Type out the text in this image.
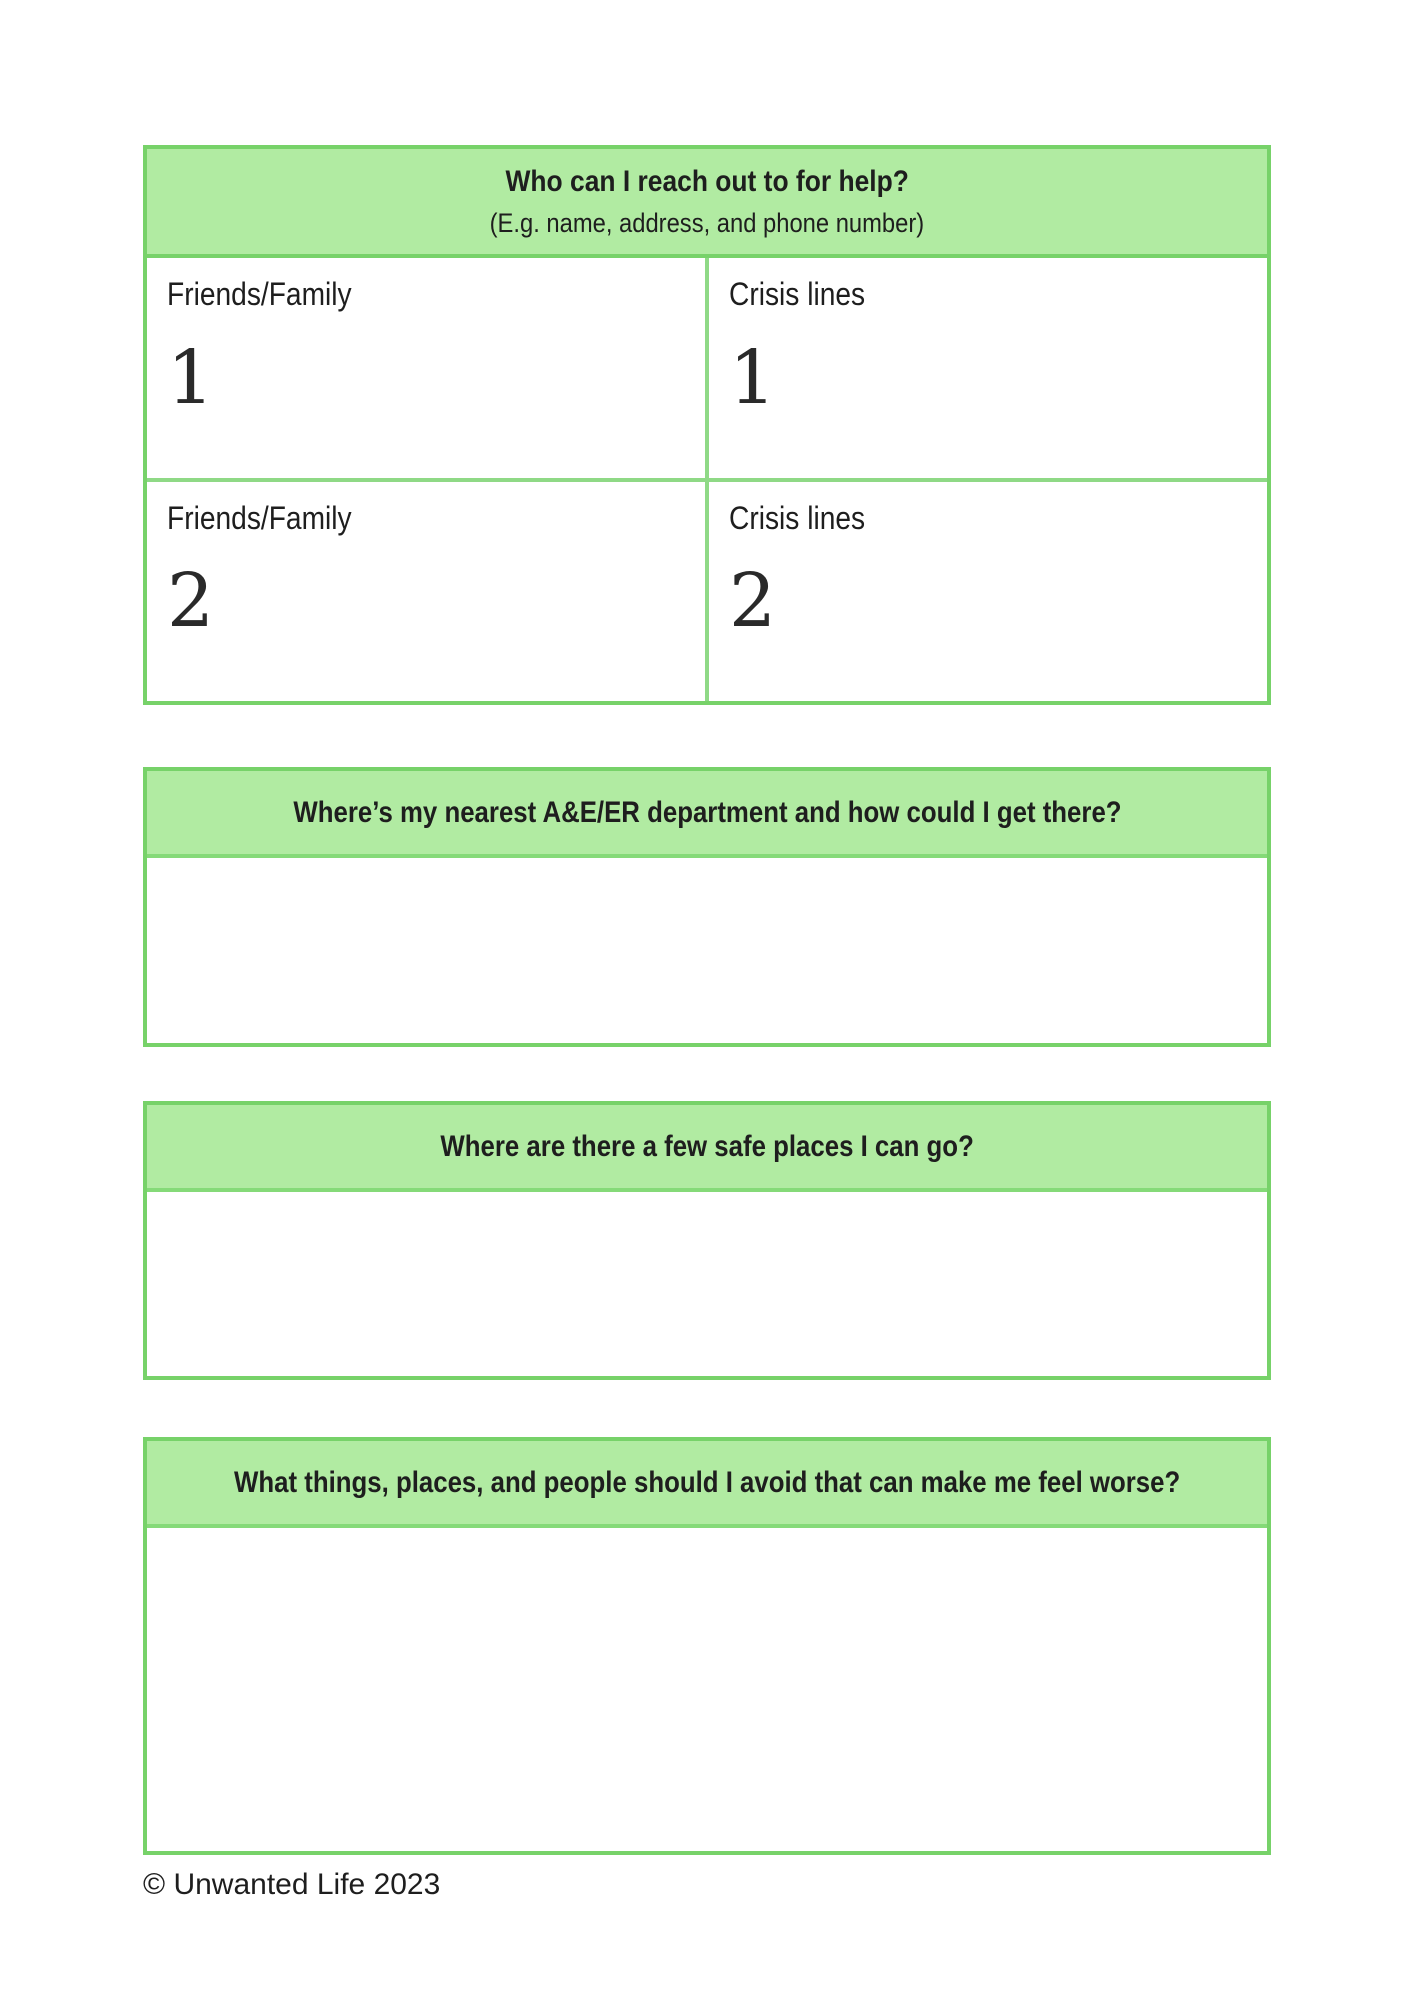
Who can I reach out to for help?
(E.g. name, address, and phone number)
Friends/Family
1
Crisis lines
1
Friends/Family
2
Crisis lines
2
Where’s my nearest A&E/ER department and how could I get there?
Where are there a few safe places I can go?
What things, places, and people should I avoid that can make me feel worse?
© Unwanted Life 2023
